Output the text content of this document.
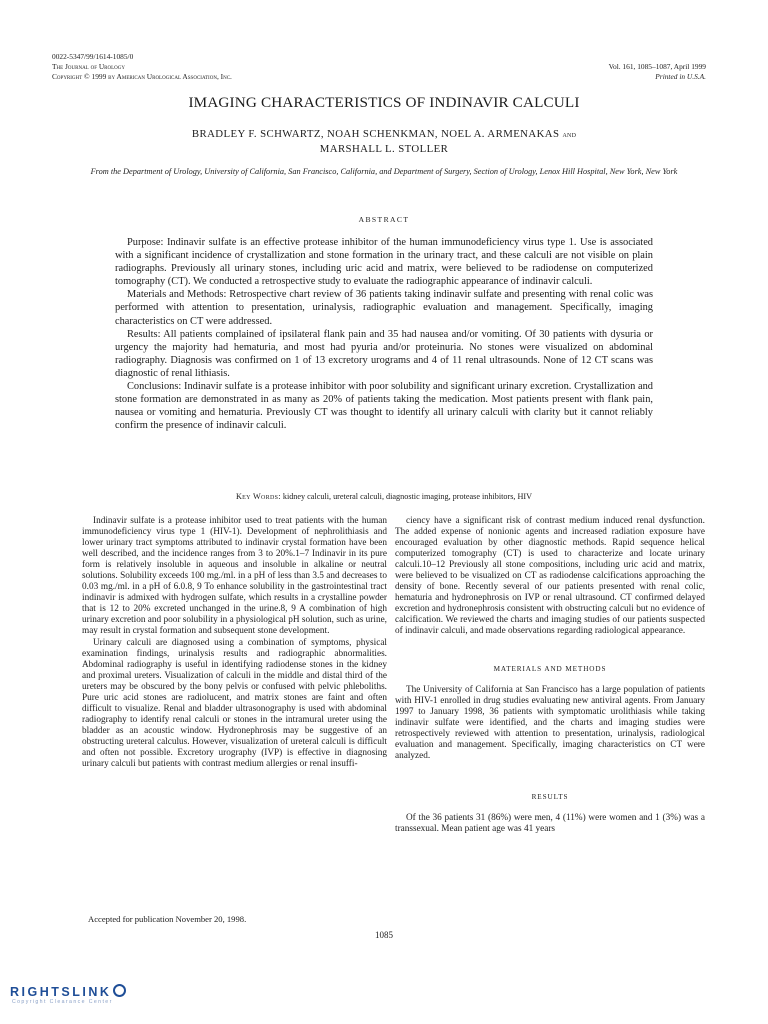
0022-5347/99/1614-1085/0
The Journal of Urology
Copyright © 1999 by American Urological Association, Inc.
Vol. 161, 1085–1087, April 1999
Printed in U.S.A.
IMAGING CHARACTERISTICS OF INDINAVIR CALCULI
BRADLEY F. SCHWARTZ, NOAH SCHENKMAN, NOEL A. ARMENAKAS and
MARSHALL L. STOLLER
From the Department of Urology, University of California, San Francisco, California, and Department of Surgery, Section of Urology, Lenox Hill Hospital, New York, New York
ABSTRACT

Purpose: Indinavir sulfate is an effective protease inhibitor of the human immunodeficiency virus type 1. Use is associated with a significant incidence of crystallization and stone formation in the urinary tract, and these calculi are not visible on plain radiographs. Previously all urinary stones, including uric acid and matrix, were believed to be radiodense on computerized tomography (CT). We conducted a retrospective study to evaluate the radiographic appearance of indinavir calculi.

Materials and Methods: Retrospective chart review of 36 patients taking indinavir sulfate and presenting with renal colic was performed with attention to presentation, urinalysis, radiographic evaluation and management. Specifically, imaging characteristics on CT were addressed.

Results: All patients complained of ipsilateral flank pain and 35 had nausea and/or vomiting. Of 30 patients with dysuria or urgency the majority had hematuria, and most had pyuria and/or proteinuria. No stones were visualized on abdominal radiography. Diagnosis was confirmed on 1 of 13 excretory urograms and 4 of 11 renal ultrasounds. None of 12 CT scans was diagnostic of renal lithiasis.

Conclusions: Indinavir sulfate is a protease inhibitor with poor solubility and significant urinary excretion. Crystallization and stone formation are demonstrated in as many as 20% of patients taking the medication. Most patients present with flank pain, nausea or vomiting and hematuria. Previously CT was thought to identify all urinary calculi with clarity but it cannot reliably confirm the presence of indinavir calculi.

Key Words: kidney calculi, ureteral calculi, diagnostic imaging, protease inhibitors, HIV

Indinavir sulfate is a protease inhibitor used to treat patients with the human immunodeficiency virus type 1 (HIV-1). Development of nephrolithiasis and lower urinary tract symptoms attributed to indinavir crystal formation have been well described, and the incidence ranges from 3 to 20%.1–7 Indinavir in its pure form is relatively insoluble in aqueous and insoluble in alkaline or neutral solutions. Solubility exceeds 100 mg./ml. in a pH of less than 3.5 and decreases to 0.03 mg./ml. in a pH of 6.0.8, 9 To enhance solubility in the gastrointestinal tract indinavir is admixed with hydrogen sulfate, which results in a crystalline powder that is 12 to 20% excreted unchanged in the urine.8, 9 A combination of high urinary excretion and poor solubility in a physiological pH solution, such as urine, may result in crystal formation and subsequent stone development.

Urinary calculi are diagnosed using a combination of symptoms, physical examination findings, urinalysis results and radiographic abnormalities. Abdominal radiography is useful in identifying radiodense stones in the kidney and proximal ureters. Visualization of calculi in the middle and distal third of the ureters may be obscured by the bony pelvis or confused with pelvic phleboliths. Pure uric acid stones are radiolucent, and matrix stones are faint and often difficult to visualize. Renal and bladder ultrasonography is used with abdominal radiography to identify renal calculi or stones in the intramural ureter using the bladder as an acoustic window. Hydronephrosis may be suggestive of an obstructing ureteral calculus. However, visualization of ureteral calculi is difficult and often not possible. Excretory urography (IVP) is effective in diagnosing urinary calculi but patients with contrast medium allergies or renal insuffi-

ciency have a significant risk of contrast medium induced renal dysfunction. The added expense of nonionic agents and increased radiation exposure have encouraged evaluation by other diagnostic methods. Rapid sequence helical computerized tomography (CT) is used to characterize and locate urinary calculi.10–12 Previously all stone compositions, including uric acid and matrix, were believed to be visualized on CT as radiodense calcifications approaching the density of bone. Recently several of our patients presented with renal colic, hematuria and hydronephrosis on IVP or renal ultrasound. CT confirmed delayed excretion and hydronephrosis consistent with obstructing calculi but no evidence of calcification. We reviewed the charts and imaging studies of our patients suspected of indinavir calculi, and made observations regarding radiological appearance.

MATERIALS AND METHODS

The University of California at San Francisco has a large population of patients with HIV-1 enrolled in drug studies evaluating new antiviral agents. From January 1997 to January 1998, 36 patients with symptomatic urolithiasis while taking indinavir sulfate were identified, and the charts and imaging studies were retrospectively reviewed with attention to presentation, urinalysis, radiological evaluation and management. Specifically, imaging characteristics on CT were analyzed.

RESULTS

Of the 36 patients 31 (86%) were men, 4 (11%) were women and 1 (3%) was a transsexual. Mean patient age was 41 years

Accepted for publication November 20, 1998.
1085
RIGHTSLINK
Copyright Clearance Center
